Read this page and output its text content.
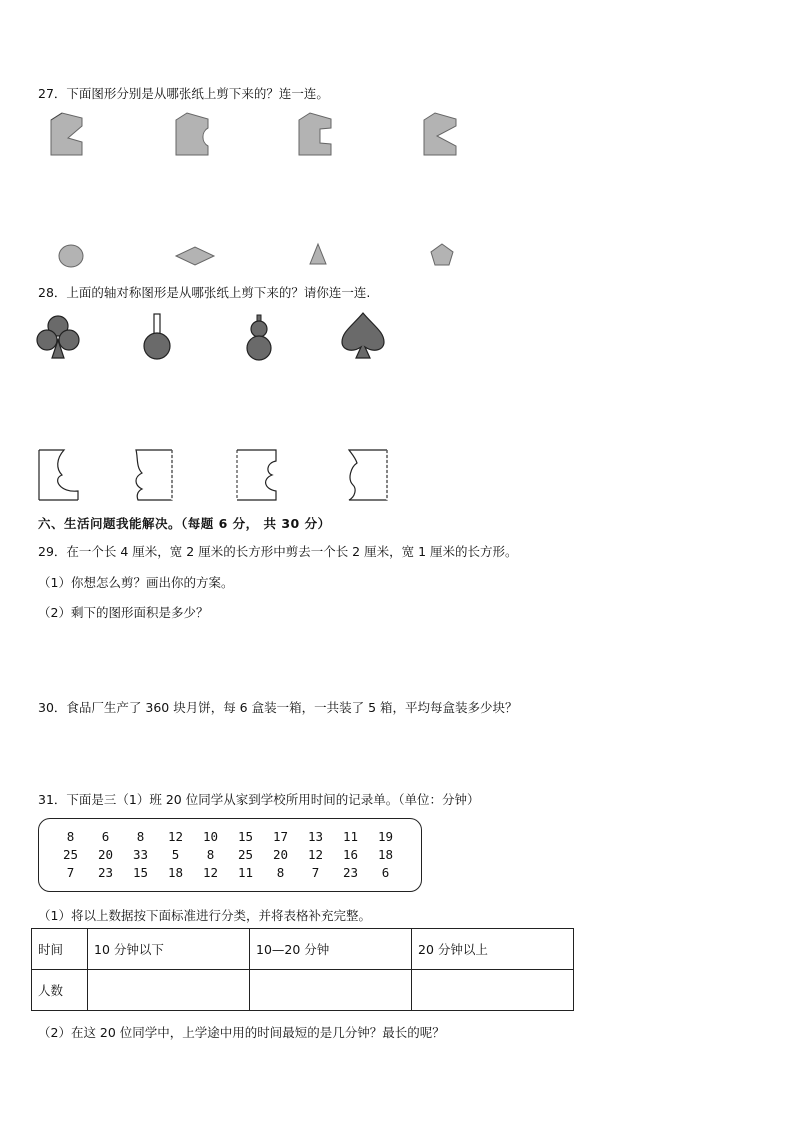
27．下面图形分别是从哪张纸上剪下来的？连一连。
28．上面的轴对称图形是从哪张纸上剪下来的？请你连一连.
六、生活问题我能解决。（每题 6 分， 共 30 分）
29．在一个长 4 厘米，宽 2 厘米的长方形中剪去一个长 2 厘米，宽 1 厘米的长方形。
（1）你想怎么剪？画出你的方案。
（2）剩下的图形面积是多少？
30．食品厂生产了 360 块月饼，每 6 盒装一箱，一共装了 5 箱，平均每盒装多少块？
31．下面是三（1）班 20 位同学从家到学校所用时间的记录单。（单位：分钟）
8	6	8	12	10	15	17	13	11	19
25	20	33	5	8	25	20	12	16	18
7	23	15	18	12	11	8	7	23	6
（1）将以上数据按下面标准进行分类，并将表格补充完整。
时间	10 分钟以下	10—20 分钟	20 分钟以上
人数			
（2）在这 20 位同学中，上学途中用的时间最短的是几分钟？最长的呢？
